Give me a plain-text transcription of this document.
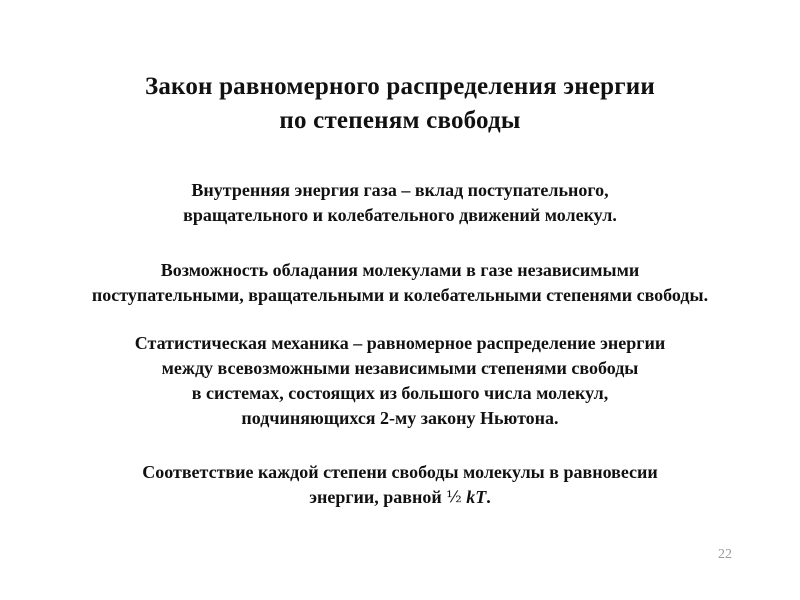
Закон равномерного распределения энергии
по степеням свободы
Внутренняя энергия газа – вклад поступательного,
вращательного и колебательного движений молекул.
Возможность обладания молекулами в газе независимыми
поступательными, вращательными и колебательными степенями свободы.
Статистическая механика – равномерное распределение энергии
между всевозможными независимыми степенями свободы
в системах, состоящих из большого числа молекул,
подчиняющихся 2-му закону Ньютона.
Соответствие каждой степени свободы молекулы в равновесии
энергии, равной ½ kT.
22
